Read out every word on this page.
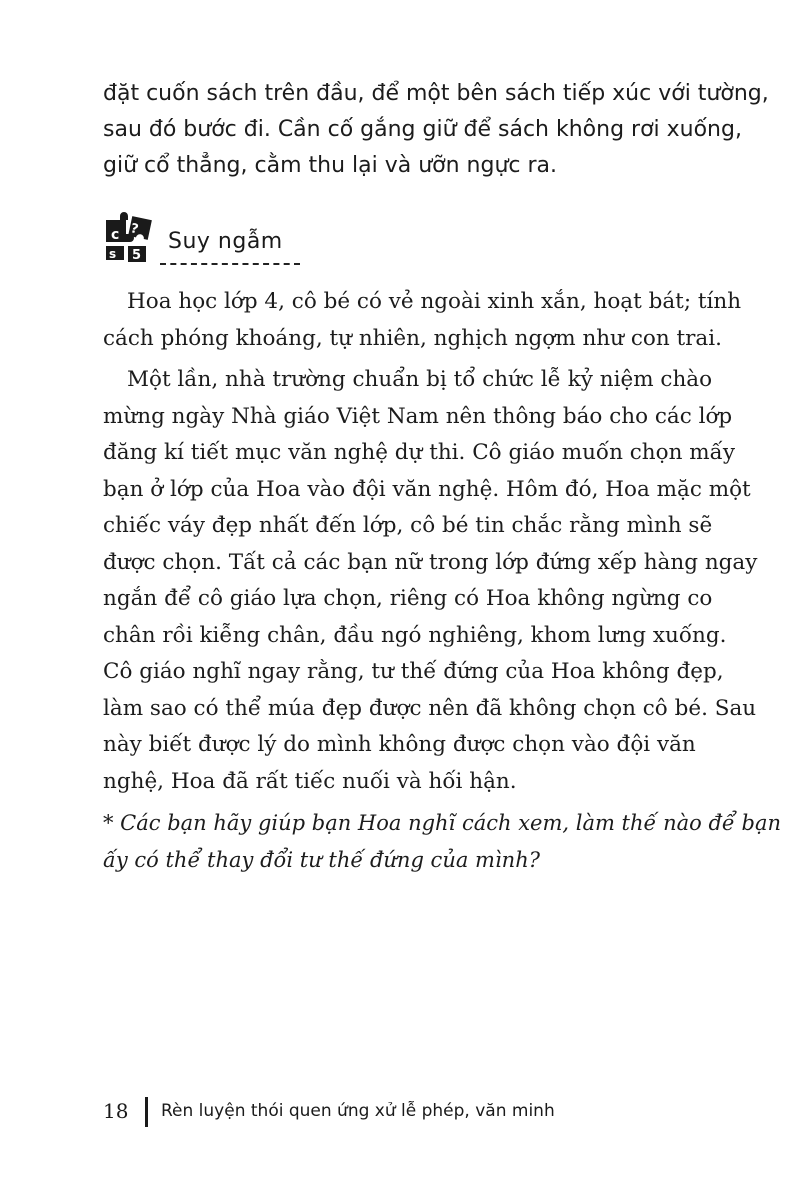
đặt cuốn sách trên đầu, để một bên sách tiếp xúc với tường,
sau đó bước đi. Cần cố gắng giữ để sách không rơi xuống,
giữ cổ thẳng, cằm thu lại và ưỡn ngực ra.
c ?
s 5
Suy ngẫm
Hoa học lớp 4, cô bé có vẻ ngoài xinh xắn, hoạt bát; tính
cách phóng khoáng, tự nhiên, nghịch ngợm như con trai.
Một lần, nhà trường chuẩn bị tổ chức lễ kỷ niệm chào
mừng ngày Nhà giáo Việt Nam nên thông báo cho các lớp
đăng kí tiết mục văn nghệ dự thi. Cô giáo muốn chọn mấy
bạn ở lớp của Hoa vào đội văn nghệ. Hôm đó, Hoa mặc một
chiếc váy đẹp nhất đến lớp, cô bé tin chắc rằng mình sẽ
được chọn. Tất cả các bạn nữ trong lớp đứng xếp hàng ngay
ngắn để cô giáo lựa chọn, riêng có Hoa không ngừng co
chân rồi kiễng chân, đầu ngó nghiêng, khom lưng xuống.
Cô giáo nghĩ ngay rằng, tư thế đứng của Hoa không đẹp,
làm sao có thể múa đẹp được nên đã không chọn cô bé. Sau
này biết được lý do mình không được chọn vào đội văn
nghệ, Hoa đã rất tiếc nuối và hối hận.
* Các bạn hãy giúp bạn Hoa nghĩ cách xem, làm thế nào để bạn
ấy có thể thay đổi tư thế đứng của mình?
18 Rèn luyện thói quen ứng xử lễ phép, văn minh
